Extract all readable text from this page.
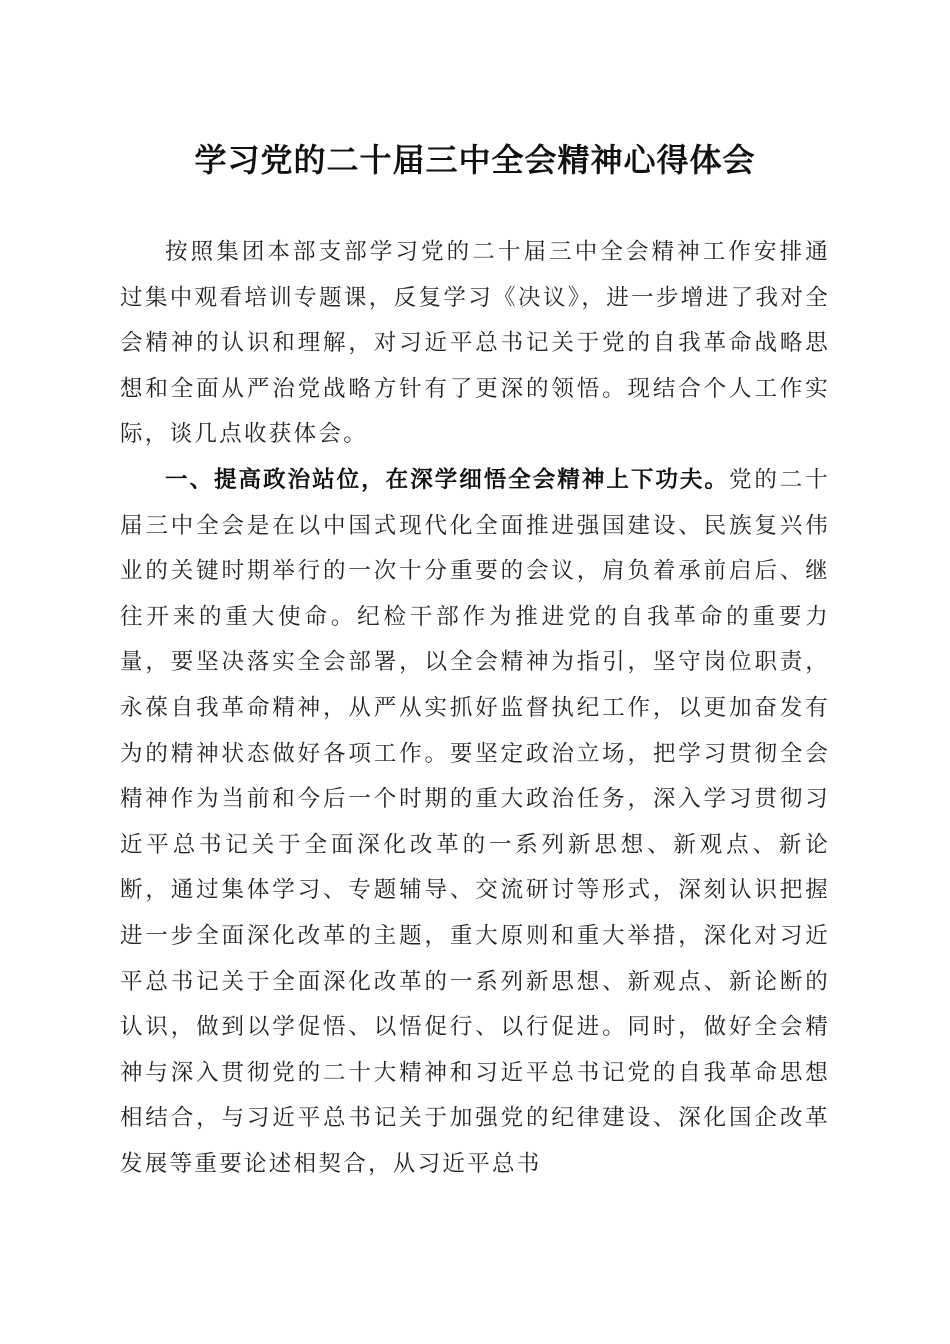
学习党的二十届三中全会精神心得体会

按照集团本部支部学习党的二十届三中全会精神工作安排通过集中观看培训专题课，反复学习《决议》，进一步增进了我对全会精神的认识和理解，对习近平总书记关于党的自我革命战略思想和全面从严治党战略方针有了更深的领悟。现结合个人工作实际，谈几点收获体会。

一、提高政治站位，在深学细悟全会精神上下功夫。党的二十届三中全会是在以中国式现代化全面推进强国建设、民族复兴伟业的关键时期举行的一次十分重要的会议，肩负着承前启后、继往开来的重大使命。纪检干部作为推进党的自我革命的重要力量，要坚决落实全会部署，以全会精神为指引，坚守岗位职责，永葆自我革命精神，从严从实抓好监督执纪工作，以更加奋发有为的精神状态做好各项工作。要坚定政治立场，把学习贯彻全会精神作为当前和今后一个时期的重大政治任务，深入学习贯彻习近平总书记关于全面深化改革的一系列新思想、新观点、新论断，通过集体学习、专题辅导、交流研讨等形式，深刻认识把握进一步全面深化改革的主题，重大原则和重大举措，深化对习近平总书记关于全面深化改革的一系列新思想、新观点、新论断的认识，做到以学促悟、以悟促行、以行促进。同时，做好全会精神与深入贯彻党的二十大精神和习近平总书记党的自我革命思想相结合，与习近平总书记关于加强党的纪律建设、深化国企改革发展等重要论述相契合，从习近平总书
